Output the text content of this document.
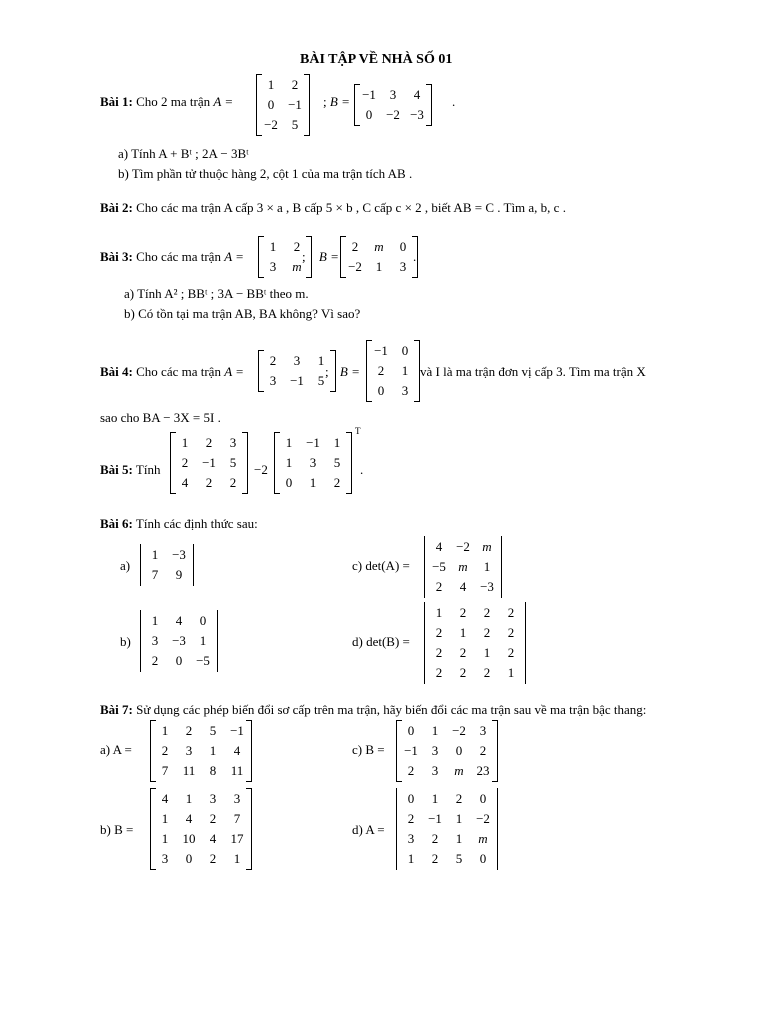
BÀI TẬP VỀ NHÀ SỐ 01
Bài 1: Cho 2 ma trận A =
1 2
0 −1
−2 5
; B = −1 3 4
0 −2 −3
.
a) Tính A + Bᵗ ; 2A − 3Bᵗ
b) Tìm phần tử thuộc hàng 2, cột 1 của ma trận tích AB .
Bài 2: Cho các ma trận A cấp 3 × a , B cấp 5 × b , C cấp c × 2 , biết AB = C . Tìm a, b, c .
Bài 3: Cho các ma trận A =
1 2
3 m
; B =
2 m 0
−2 1 3
.
a) Tính A² ; BBᵗ ; 3A − BBᵗ theo m.
b) Có tồn tại ma trận AB, BA không? Vì sao?
Bài 4: Cho các ma trận A =
2 3 1
3 −1 5
; B =
−1 0
2 1
0 3
và I là ma trận đơn vị cấp 3. Tìm ma trận X
sao cho BA − 3X = 5I .
Bài 5: Tính
1 2 3
2 −1 5
4 2 2
−2
1 −1 1
1 3 5
0 1 2
T
.
Bài 6: Tính các định thức sau:
a)
1 −3
7 9
c) det(A) =
4 −2 m
−5 m 1
2 4 −3
b)
1 4 0
3 −3 1
2 0 −5
d) det(B) =
1 2 2 2
2 1 2 2
2 2 1 2
2 2 2 1
Bài 7: Sử dụng các phép biến đổi sơ cấp trên ma trận, hãy biến đổi các ma trận sau về ma trận bậc thang:
a) A =
1 2 5 −1
2 3 1 4
7 11 8 11
c) B =
0 1 −2 3
−1 3 0 2
2 3 m 23
b) B =
4 1 3 3
1 4 2 7
1 10 4 17
3 0 2 1
d) A =
0 1 2 0
2 −1 1 −2
3 2 1 m
1 2 5 0
